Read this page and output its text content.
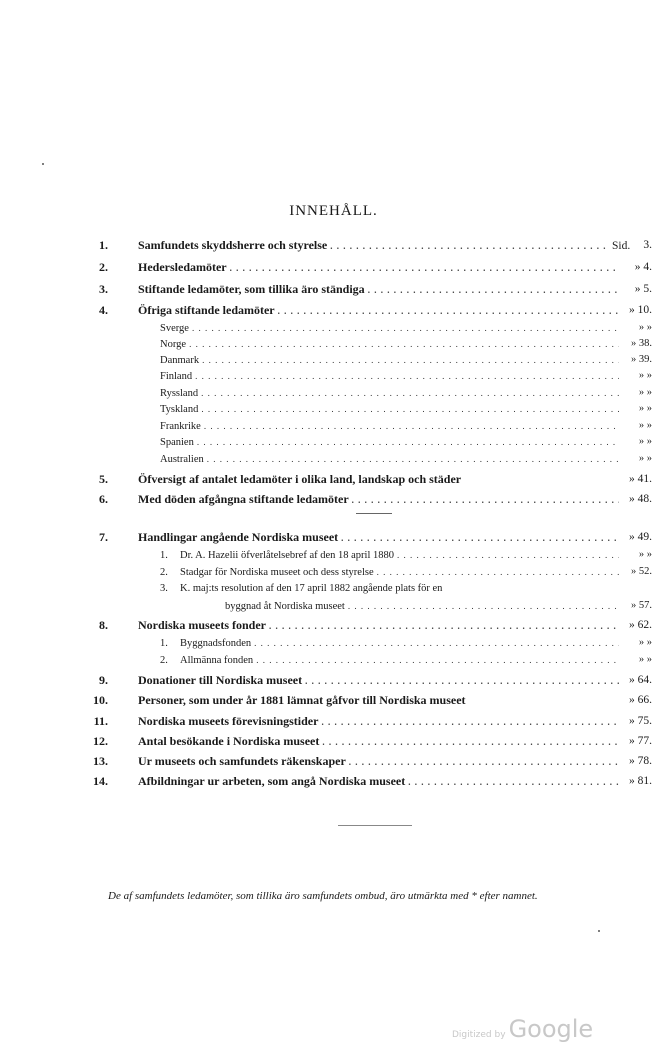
INNEHÅLL.
1.	Samfundets skyddsherre och styrelse . . .	Sid.	3.
2.	Hedersledamöter . . .	» 4.
3.	Stiftande ledamöter, som tillika äro ständiga . . .	» 5.
4.	Öfriga stiftande ledamöter . . .	» 10.
Sverge . . .	» »
Norge . . .	» 38.
Danmark . . .	» 39.
Finland . . .	» »
Ryssland . . .	» »
Tyskland . . .	» »
Frankrike . . .	» »
Spanien . . .	» »
Australien . . .	» »
5.	Öfversigt af antalet ledamöter i olika land, landskap och städer	» 41.
6.	Med döden afgångna stiftande ledamöter . . .	» 48.
7.	Handlingar angående Nordiska museet . . .	» 49.
1.	Dr. A. Hazelii öfverlåtelsebref af den 18 april 1880 . . .	» »
2.	Stadgar för Nordiska museet och dess styrelse . . .	» 52.
3.	K. maj:ts resolution af den 17 april 1882 angående plats för en
byggnad åt Nordiska museet . . .	» 57.
8.	Nordiska museets fonder . . .	» 62.
1.	Byggnadsfonden . . .	» »
2.	Allmänna fonden . . .	» »
9.	Donationer till Nordiska museet . . .	» 64.
10.	Personer, som under år 1881 lämnat gåfvor till Nordiska museet	» 66.
11.	Nordiska museets förevisningstider . . .	» 75.
12.	Antal besökande i Nordiska museet . . .	» 77.
13.	Ur museets och samfundets räkenskaper . . .	» 78.
14.	Afbildningar ur arbeten, som angå Nordiska museet . . .	» 81.
De af samfundets ledamöter, som tillika äro samfundets ombud, äro utmärkta med * efter namnet.
Digitized by Google
